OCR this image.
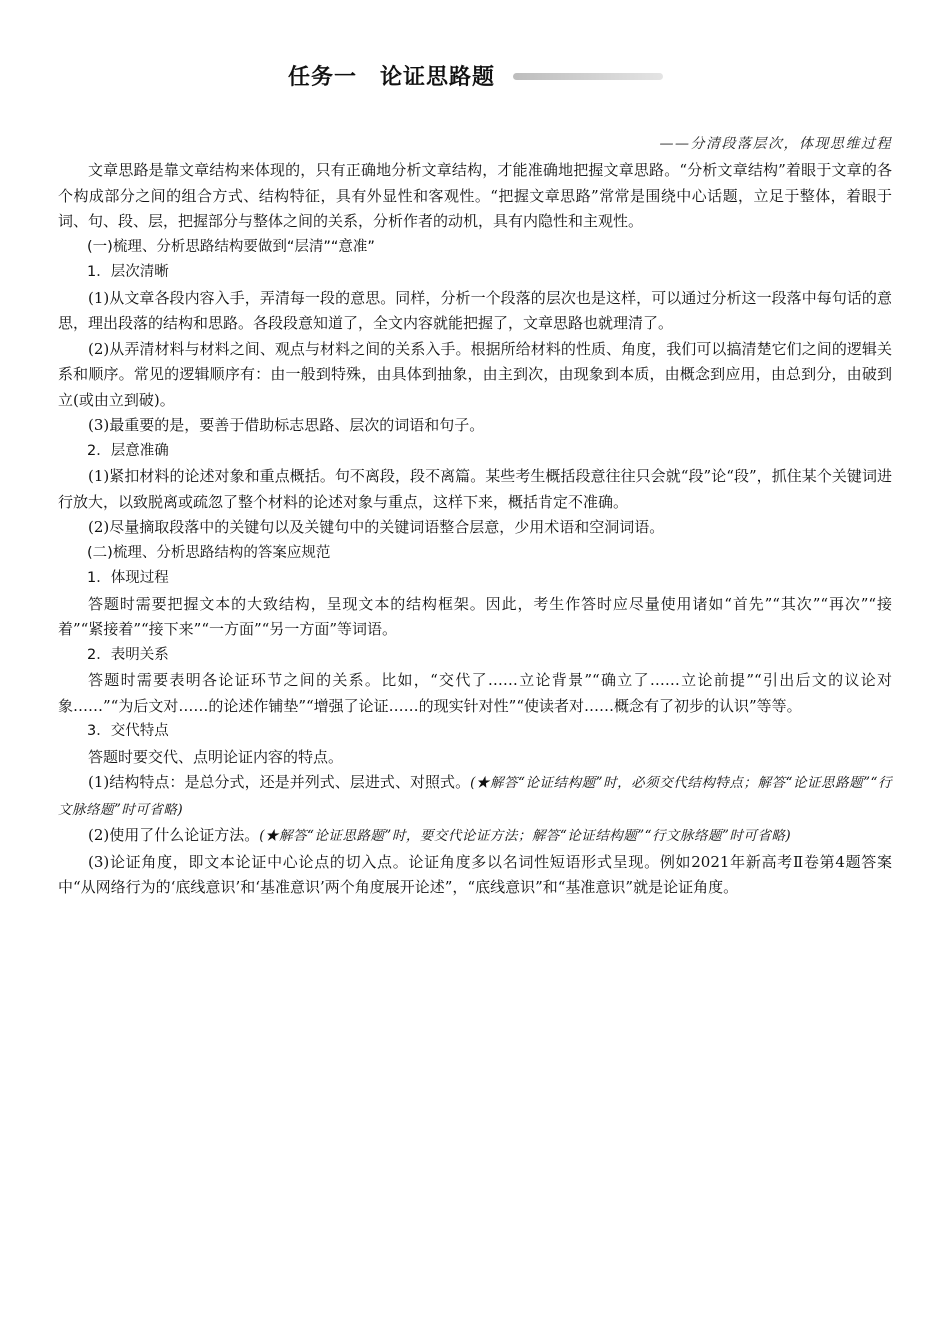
任务一　论证思路题
——分清段落层次，体现思维过程

文章思路是靠文章结构来体现的，只有正确地分析文章结构，才能准确地把握文章思路。“分析文章结构”着眼于文章的各个构成部分之间的组合方式、结构特征，具有外显性和客观性。“把握文章思路”常常是围绕中心话题，立足于整体，着眼于词、句、段、层，把握部分与整体之间的关系，分析作者的动机，具有内隐性和主观性。

(一)梳理、分析思路结构要做到“层清”“意准”

1．层次清晰

(1)从文章各段内容入手，弄清每一段的意思。同样，分析一个段落的层次也是这样，可以通过分析这一段落中每句话的意思，理出段落的结构和思路。各段段意知道了，全文内容就能把握了，文章思路也就理清了。

(2)从弄清材料与材料之间、观点与材料之间的关系入手。根据所给材料的性质、角度，我们可以搞清楚它们之间的逻辑关系和顺序。常见的逻辑顺序有：由一般到特殊，由具体到抽象，由主到次，由现象到本质，由概念到应用，由总到分，由破到立(或由立到破)。

(3)最重要的是，要善于借助标志思路、层次的词语和句子。

2．层意准确

(1)紧扣材料的论述对象和重点概括。句不离段，段不离篇。某些考生概括段意往往只会就“段”论“段”，抓住某个关键词进行放大，以致脱离或疏忽了整个材料的论述对象与重点，这样下来，概括肯定不准确。

(2)尽量摘取段落中的关键句以及关键句中的关键词语整合层意，少用术语和空洞词语。

(二)梳理、分析思路结构的答案应规范

1．体现过程

答题时需要把握文本的大致结构，呈现文本的结构框架。因此，考生作答时应尽量使用诸如“首先”“其次”“再次”“接着”“紧接着”“接下来”“一方面”“另一方面”等词语。

2．表明关系

答题时需要表明各论证环节之间的关系。比如，“交代了……立论背景”“确立了……立论前提”“引出后文的议论对象……”“为后文对……的论述作铺垫”“增强了论证……的现实针对性”“使读者对……概念有了初步的认识”等等。

3．交代特点

答题时要交代、点明论证内容的特点。

(1)结构特点：是总分式，还是并列式、层进式、对照式。(★解答“论证结构题”时，必须交代结构特点；解答“论证思路题”“行文脉络题”时可省略)

(2)使用了什么论证方法。(★解答“论证思路题”时，要交代论证方法；解答“论证结构题”“行文脉络题”时可省略)

(3)论证角度，即文本论证中心论点的切入点。论证角度多以名词性短语形式呈现。例如2021年新高考Ⅱ卷第4题答案中“从网络行为的‘底线意识’和‘基准意识’两个角度展开论述”，“底线意识”和“基准意识”就是论证角度。
